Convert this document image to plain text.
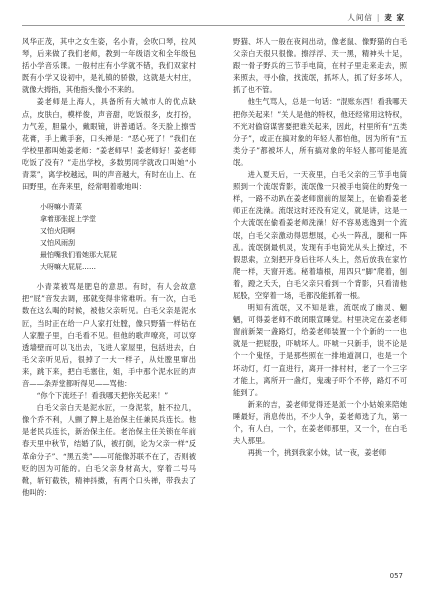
人间信 | 麦 家

风华正茂，其中之女生姿，名小青，会吹口琴，拉风琴，后来做了我们老师，教到一年级语文和全年级包括小学音乐课。一般村庄有小学就不错，我们双家村既有小学又设初中，是礼镇的骄傲，这就是大村庄，就像大拇指，其他指头像小不来的。

姜老师是上海人，具备所有大城市人的优点缺点，皮肤白，模样俊，声音甜，吃饭很多，皮打扮，力气差，胆量小，戴眼镜，讲普通话。冬天脸上擦雪花膏，手上戴手套，口头禅是：“恶心死了！”我们在学校里都叫她姜老师：“姜老师早！姜老师好！姜老师吃饭了没有？”走出学校，多数男同学就改口叫她“小青菜”，离学校越远，叫的声音越大，有时在山上、在田野里，在奔来里，经常唱着歌地叫：

小呀嘛小青菜
拿着那张捉上学堂
又怕火阳啊
又怕风雨刮
最怕嘴我们看她那大屁屁
大呀嘛大屁屁……

小青菜被骂是肥皂的意思。有时，有人会故意把“屁”音发去调，那就变得非常难听。有一次，白毛数在这么喝的时候，被他父亲听见。白毛父亲是泥水匠，当时正在给一户人家打灶膛，像只野猫一样钻在人家膛子里，白毛看不见。但他的歌声嘹亮，可以穿透墙壁而可以飞出去，飞进人家屋里，包括进去，白毛父亲听见后，很掉了一大一样子，从灶膛里窜出来，跳下来，把白毛塞住，姐，手中那个泥水匠的声音——条弄堂都听得见——骂他：

“你个下流坯子！看我哪天把你关起来！”

白毛父亲白天是泥水匠，一身泥浆，脏不拉几，像个乔不利，人颤了脾上是治保主任兼民兵连长。他是老民兵连长，新治保主任。老治保主任关锁在年前春天里中秋节，结婚了队，被打倒，论为父亲一样“反革命分子”、“黑五类”——可能像苏联不在了，否则被贬的因为可能的。白毛父亲身材高大，穿着二号马靴，斩钉截铁，精神抖擞，有两个口头禅，带我去了他叫的：

野猫、坏人一般在夜间出动，像老鼠、像野猫的白毛父亲白天很只很像。擦浮浮、天一黑，精神头十足，跟一骨子野兵的三节手电筒，在村子里走来走去，照来照去，寻小偷，找流氓，抓坏人，抓了好多坏人，抓了也不管。

他生气骂人，总是一句话：“混账东西！看我哪天把你关起来！”关人是他的特权，他还经常用这特权，不光对偷窃谋害要把谁关起来，因此，村里所有“五类分子”，或正在搞对象的年轻人都怕他，因为所有“五类分子”都被坏人，所有搞对象的年轻人都可能是流氓。

进入夏天后，一天夜里，白毛父亲的三节手电筒照到一个流氓背影，流氓像一只被手电筒住的野兔一样，一路不动趴在姜老师窗前的屋架上，在偷看姜老师正在洗澡。流氓这时还没有定义，就是讲，这是一个大流氓在偷看姜老师洗澡！好不容易逃逸到一个流氓，白毛父亲激动得思想展，心头一阵乱，腿和一阵乱。流氓倒最机灵，发现有手电筒光从头上撩过，不假思索，立刻把开身后往坏人头上，然后放我在家竹爬一样，天窗开逃。秘着墙根，用四只“脚”爬着，刨着，蹬之夭夭，白毛父亲只看到一个背影，只看清他屁股，空穿着一场，毛都没能抓着一根。

明知有流氓，又不知是谁，流氓成了幽灵、魍魉，可得姜老师不敢闭眼宣睡觉。村里决定在姜老师窗前新架一盏路灯，给姜老师装置一个个新的一一也就是一把屁股，吓唬坏人。吓唬一只新手，说不论是个一个鬼怪，于是那些照在一排地道洞口，也是一个坏动灯，灯一直进行，离开一排村村，老了一个三字才能上，离所开一盏灯，鬼魂子吓个不停，路灯不可能到了。

新来的吉，姜老师觉得还是派一个小姑娘来陪她睡最好，消息传出，不少人争，姜老师选了九，第一个，有人白，一个，在姜老师那里，又一个，在白毛夫人那里。

再挑一个，挑到我家小妹，试一夜，姜老师

057
